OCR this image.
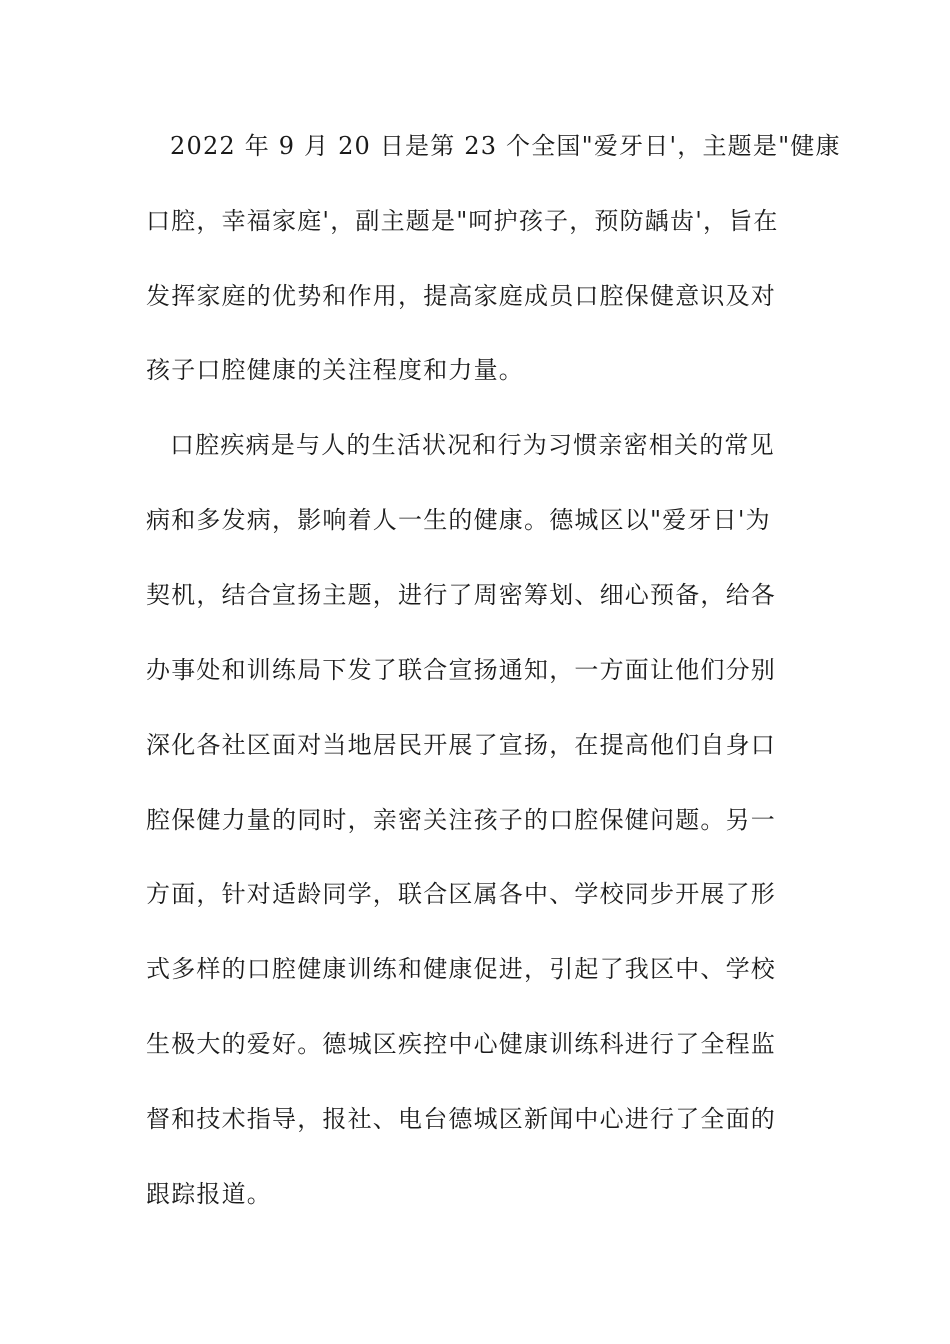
2022 年 9 月 20 日是第 23 个全国"爱牙日'，主题是"健康
口腔，幸福家庭'，副主题是"呵护孩子，预防龋齿'，旨在
发挥家庭的优势和作用，提高家庭成员口腔保健意识及对
孩子口腔健康的关注程度和力量。
口腔疾病是与人的生活状况和行为习惯亲密相关的常见
病和多发病，影响着人一生的健康。德城区以"爱牙日'为
契机，结合宣扬主题，进行了周密筹划、细心预备，给各
办事处和训练局下发了联合宣扬通知，一方面让他们分别
深化各社区面对当地居民开展了宣扬，在提高他们自身口
腔保健力量的同时，亲密关注孩子的口腔保健问题。另一
方面，针对适龄同学，联合区属各中、学校同步开展了形
式多样的口腔健康训练和健康促进，引起了我区中、学校
生极大的爱好。德城区疾控中心健康训练科进行了全程监
督和技术指导，报社、电台德城区新闻中心进行了全面的
跟踪报道。
